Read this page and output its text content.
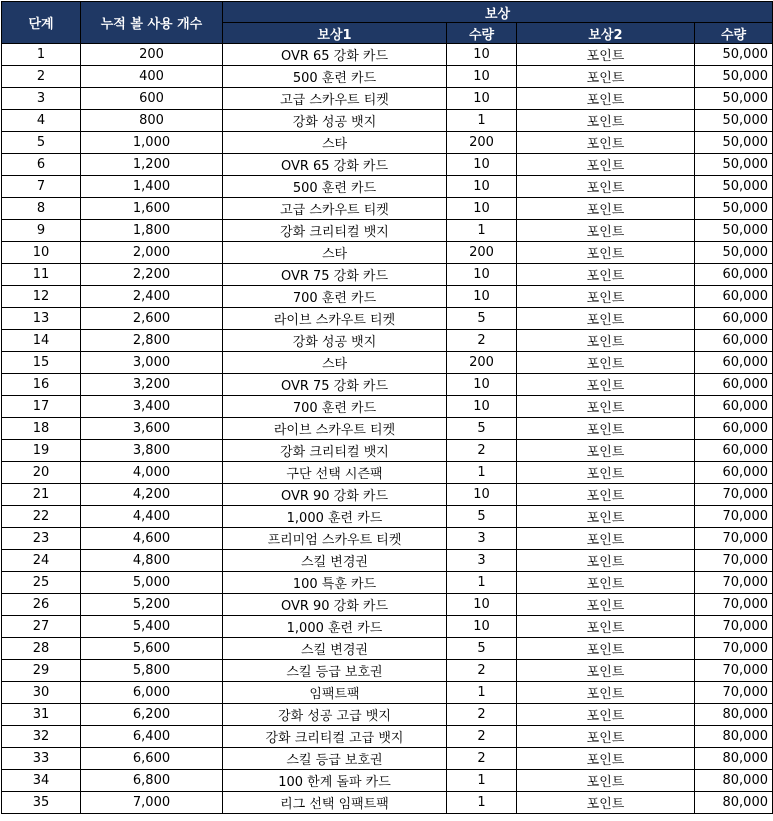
단계	누적 볼 사용 개수	보상			
		보상1	수량	보상2	수량
1	200	OVR 65 강화 카드	10	포인트	50,000
2	400	500 훈련 카드	10	포인트	50,000
3	600	고급 스카우트 티켓	10	포인트	50,000
4	800	강화 성공 뱃지	1	포인트	50,000
5	1,000	스타	200	포인트	50,000
6	1,200	OVR 65 강화 카드	10	포인트	50,000
7	1,400	500 훈련 카드	10	포인트	50,000
8	1,600	고급 스카우트 티켓	10	포인트	50,000
9	1,800	강화 크리티컬 뱃지	1	포인트	50,000
10	2,000	스타	200	포인트	50,000
11	2,200	OVR 75 강화 카드	10	포인트	60,000
12	2,400	700 훈련 카드	10	포인트	60,000
13	2,600	라이브 스카우트 티켓	5	포인트	60,000
14	2,800	강화 성공 뱃지	2	포인트	60,000
15	3,000	스타	200	포인트	60,000
16	3,200	OVR 75 강화 카드	10	포인트	60,000
17	3,400	700 훈련 카드	10	포인트	60,000
18	3,600	라이브 스카우트 티켓	5	포인트	60,000
19	3,800	강화 크리티컬 뱃지	2	포인트	60,000
20	4,000	구단 선택 시즌팩	1	포인트	60,000
21	4,200	OVR 90 강화 카드	10	포인트	70,000
22	4,400	1,000 훈련 카드	5	포인트	70,000
23	4,600	프리미엄 스카우트 티켓	3	포인트	70,000
24	4,800	스킬 변경권	3	포인트	70,000
25	5,000	100 특훈 카드	1	포인트	70,000
26	5,200	OVR 90 강화 카드	10	포인트	70,000
27	5,400	1,000 훈련 카드	10	포인트	70,000
28	5,600	스킬 변경권	5	포인트	70,000
29	5,800	스킬 등급 보호권	2	포인트	70,000
30	6,000	임팩트팩	1	포인트	70,000
31	6,200	강화 성공 고급 뱃지	2	포인트	80,000
32	6,400	강화 크리티컬 고급 뱃지	2	포인트	80,000
33	6,600	스킬 등급 보호권	2	포인트	80,000
34	6,800	100 한계 돌파 카드	1	포인트	80,000
35	7,000	리그 선택 임팩트팩	1	포인트	80,000
